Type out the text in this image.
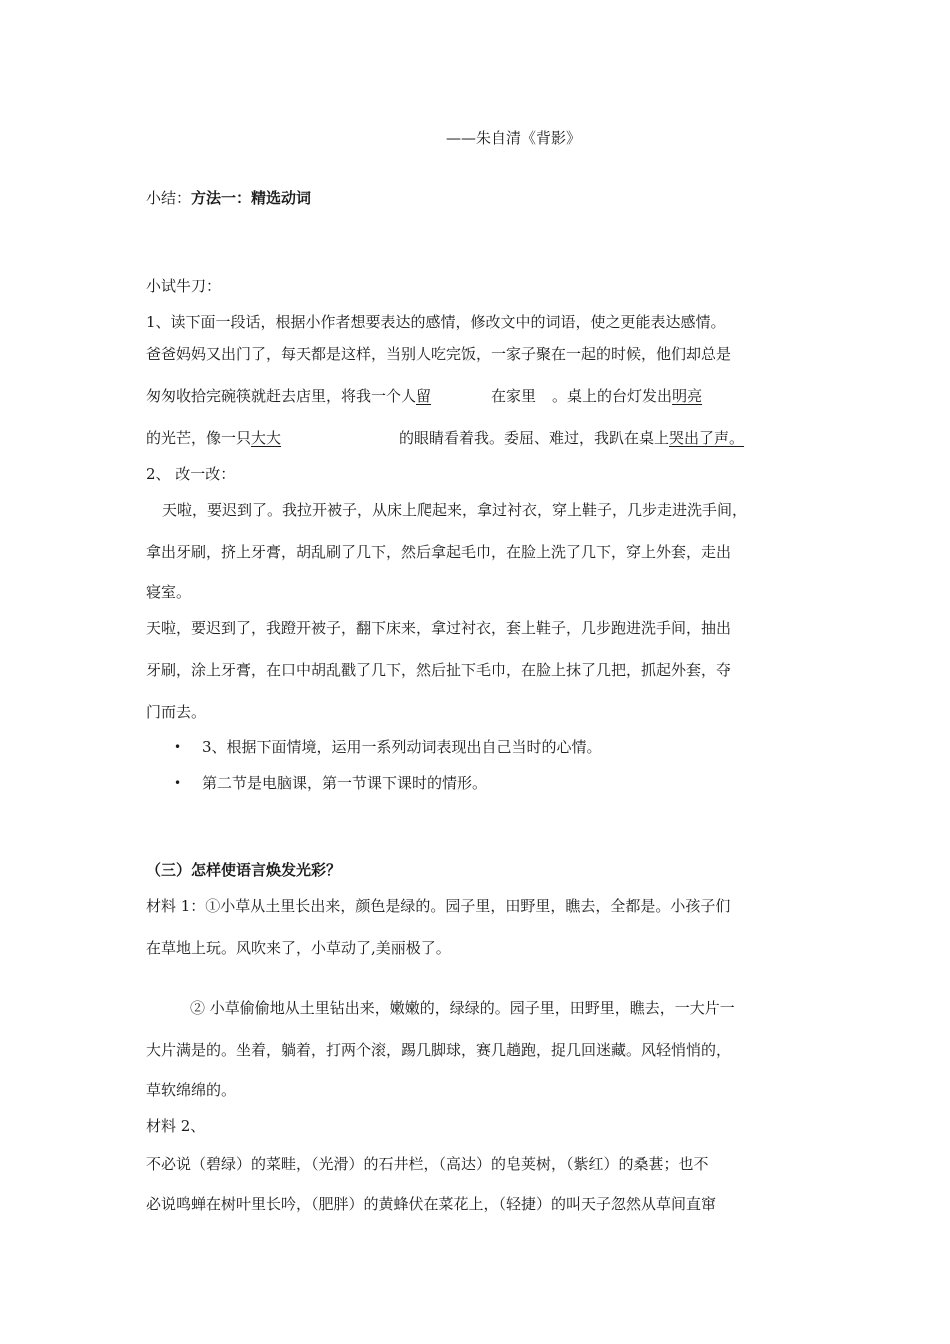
——朱自清《背影》
小结：方法一：精选动词
小试牛刀：
1、读下面一段话，根据小作者想要表达的感情，修改文中的词语，使之更能表达感情。
爸爸妈妈又出门了，每天都是这样，当别人吃完饭，一家子聚在一起的时候，他们却总是
匆匆收拾完碗筷就赶去店里，将我一个人留	在家里 。桌上的台灯发出明亮
的光芒，像一只大大	的眼睛看着我。委屈、难过，我趴在桌上哭出了声。
2、 改一改：
天啦，要迟到了。我拉开被子，从床上爬起来，拿过衬衣，穿上鞋子，几步走进洗手间，
拿出牙刷，挤上牙膏，胡乱刷了几下，然后拿起毛巾，在脸上洗了几下，穿上外套，走出
寝室。
天啦，要迟到了，我蹬开被子，翻下床来，拿过衬衣，套上鞋子，几步跑进洗手间，抽出
牙刷，涂上牙膏，在口中胡乱戳了几下，然后扯下毛巾，在脸上抹了几把，抓起外套，夺
门而去。
• 3、根据下面情境，运用一系列动词表现出自己当时的心情。
• 第二节是电脑课，第一节课下课时的情形。
（三）怎样使语言焕发光彩？
材料 1：①小草从土里长出来，颜色是绿的。园子里，田野里，瞧去，全都是。小孩子们
在草地上玩。风吹来了，小草动了,美丽极了。
② 小草偷偷地从土里钻出来，嫩嫩的，绿绿的。园子里，田野里，瞧去，一大片一
大片满是的。坐着，躺着，打两个滚，踢几脚球，赛几趟跑，捉几回迷藏。风轻悄悄的，
草软绵绵的。
材料 2、
不必说（碧绿）的菜畦，（光滑）的石井栏，（高达）的皂荚树，（紫红）的桑葚；也不
必说鸣蝉在树叶里长吟，（肥胖）的黄蜂伏在菜花上，（轻捷）的叫天子忽然从草间直窜
